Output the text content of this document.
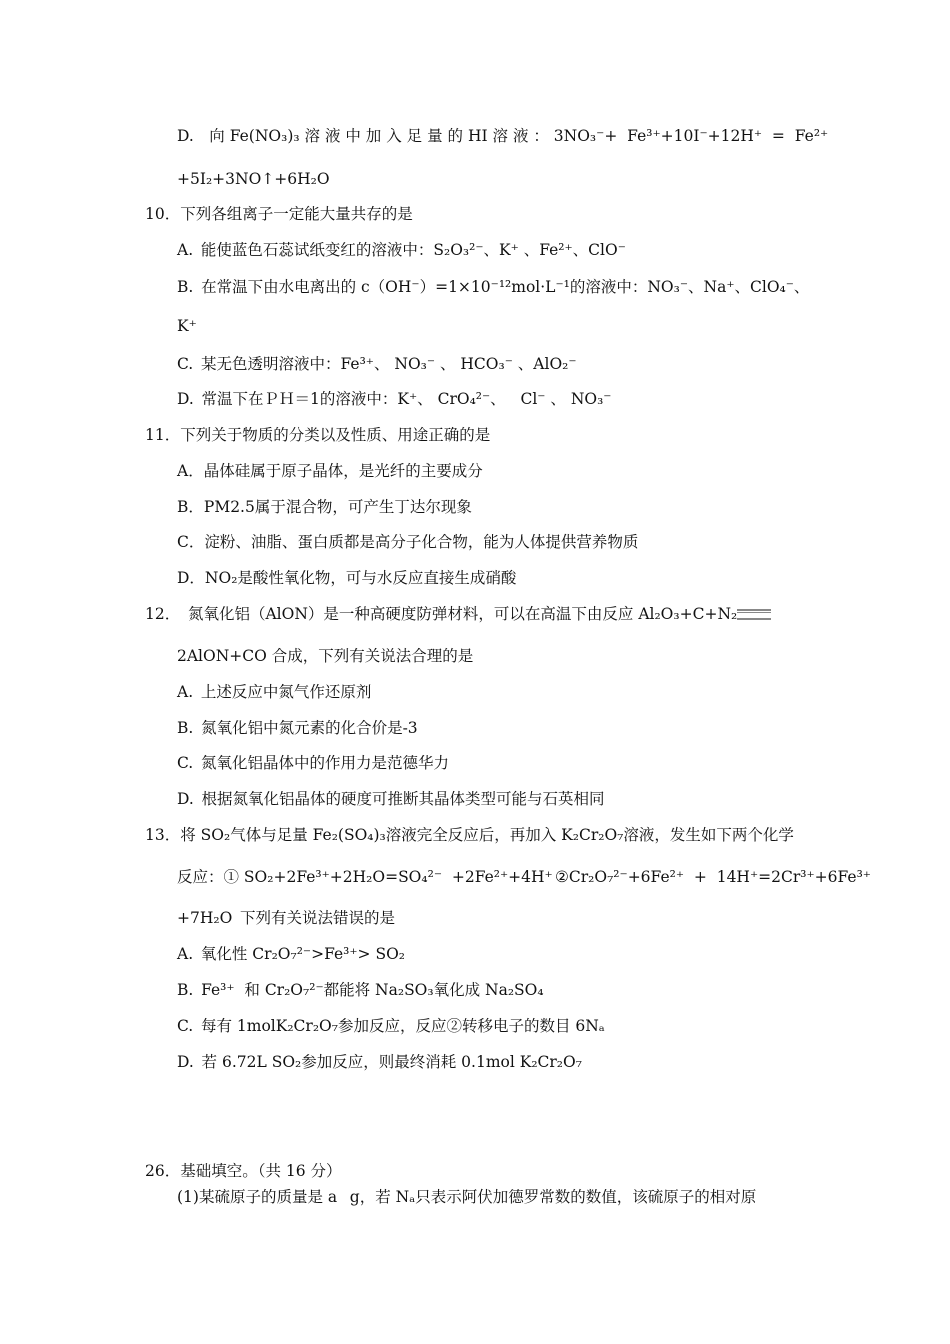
D.　向 Fe(NO₃)₃ 溶 液 中 加 入 足 量 的 HI 溶 液 ： 3NO₃⁻+  Fe³⁺+10I⁻+12H⁺  =  Fe²⁺
+5I₂+3NO↑+6H₂O
10．下列各组离子一定能大量共存的是
A. 能使蓝色石蕊试纸变红的溶液中：S₂O₃²⁻、K⁺ 、Fe²⁺、ClO⁻
B. 在常温下由水电离出的 c（OH⁻）=1×10⁻¹²mol·L⁻¹的溶液中：NO₃⁻、Na⁺、ClO₄⁻、
K⁺
C. 某无色透明溶液中：Fe³⁺、 NO₃⁻ 、 HCO₃⁻ 、AlO₂⁻
D. 常温下在ＰＨ＝1的溶液中：K⁺、 CrO₄²⁻、   Cl⁻ 、 NO₃⁻
11．下列关于物质的分类以及性质、用途正确的是
A．晶体硅属于原子晶体，是光纤的主要成分
B．PM2.5属于混合物，可产生丁达尔现象
C．淀粉、油脂、蛋白质都是高分子化合物，能为人体提供营养物质
D．NO₂是酸性氧化物，可与水反应直接生成硝酸
12． 氮氧化铝（AlON）是一种高硬度防弹材料，可以在高温下由反应 Al₂O₃+C+N₂
2AlON+CO 合成，下列有关说法合理的是
A. 上述反应中氮气作还原剂
B. 氮氧化铝中氮元素的化合价是-3
C. 氮氧化铝晶体中的作用力是范德华力
D. 根据氮氧化铝晶体的硬度可推断其晶体类型可能与石英相同
13．将 SO₂气体与足量 Fe₂(SO₄)₃溶液完全反应后，再加入 K₂Cr₂O₇溶液，发生如下两个化学
反应：① SO₂+2Fe³⁺+2H₂O=SO₄²⁻  +2Fe²⁺+4H⁺ ②Cr₂O₇²⁻+6Fe²⁺  +  14H⁺=2Cr³⁺+6Fe³⁺
+7H₂O 下列有关说法错误的是
A. 氧化性 Cr₂O₇²⁻>Fe³⁺> SO₂
B. Fe³⁺  和 Cr₂O₇²⁻都能将 Na₂SO₃氧化成 Na₂SO₄
C. 每有 1molK₂Cr₂O₇参加反应，反应②转移电子的数目 6Nₐ
D. 若 6.72L SO₂参加反应，则最终消耗 0.1mol K₂Cr₂O₇
26．基础填空。（共 16 分）
(1)某硫原子的质量是 a  g，若 Nₐ只表示阿伏加德罗常数的数值，该硫原子的相对原
